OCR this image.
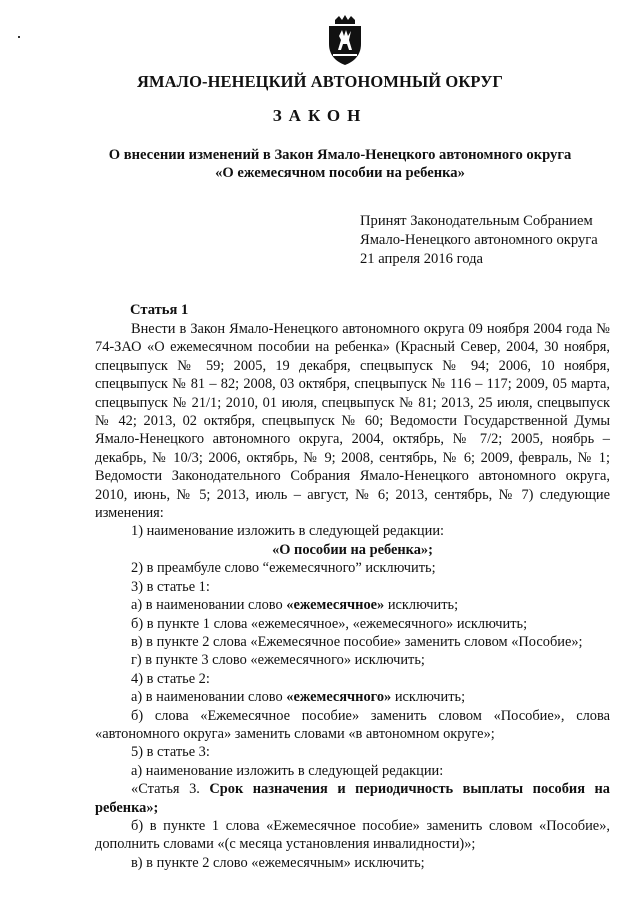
ЯМАЛО-НЕНЕЦКИЙ АВТОНОМНЫЙ ОКРУГ
ЗАКОН
О внесении изменений в Закон Ямало-Ненецкого автономного округа
«О ежемесячном пособии на ребенка»
Принят Законодательным Собранием
Ямало-Ненецкого автономного округа
21 апреля 2016 года
Статья 1

Внести в Закон Ямало-Ненецкого автономного округа 09 ноября 2004 года № 74-ЗАО «О ежемесячном пособии на ребенка» (Красный Север, 2004, 30 ноября, спецвыпуск № 59; 2005, 19 декабря, спецвыпуск № 94; 2006, 10 ноября, спецвыпуск № 81 – 82; 2008, 03 октября, спецвыпуск № 116 – 117; 2009, 05 марта, спецвыпуск № 21/1; 2010, 01 июля, спецвыпуск № 81; 2013, 25 июля, спецвыпуск № 42; 2013, 02 октября, спецвыпуск № 60; Ведомости Государственной Думы Ямало-Ненецкого автономного округа, 2004, октябрь, № 7/2; 2005, ноябрь – декабрь, № 10/3; 2006, октябрь, № 9; 2008, сентябрь, № 6; 2009, февраль, № 1; Ведомости Законодательного Собрания Ямало-Ненецкого автономного округа, 2010, июнь, № 5; 2013, июль – август, № 6; 2013, сентябрь, № 7) следующие изменения:

1) наименование изложить в следующей редакции:

«О пособии на ребенка»;

2) в преамбуле слово “ежемесячного” исключить;

3) в статье 1:

а) в наименовании слово «ежемесячное» исключить;

б) в пункте 1 слова «ежемесячное», «ежемесячного» исключить;

в) в пункте 2 слова «Ежемесячное пособие» заменить словом «Пособие»;

г) в пункте 3 слово «ежемесячного» исключить;

4) в статье 2:

а) в наименовании слово «ежемесячного» исключить;

б) слова «Ежемесячное пособие» заменить словом «Пособие», слова «автономного округа» заменить словами «в автономном округе»;

5) в статье 3:

а) наименование изложить в следующей редакции:

«Статья 3. Срок назначения и периодичность выплаты пособия на ребенка»;

б) в пункте 1 слова «Ежемесячное пособие» заменить словом «Пособие», дополнить словами «(с месяца установления инвалидности)»;

в) в пункте 2 слово «ежемесячным» исключить;
